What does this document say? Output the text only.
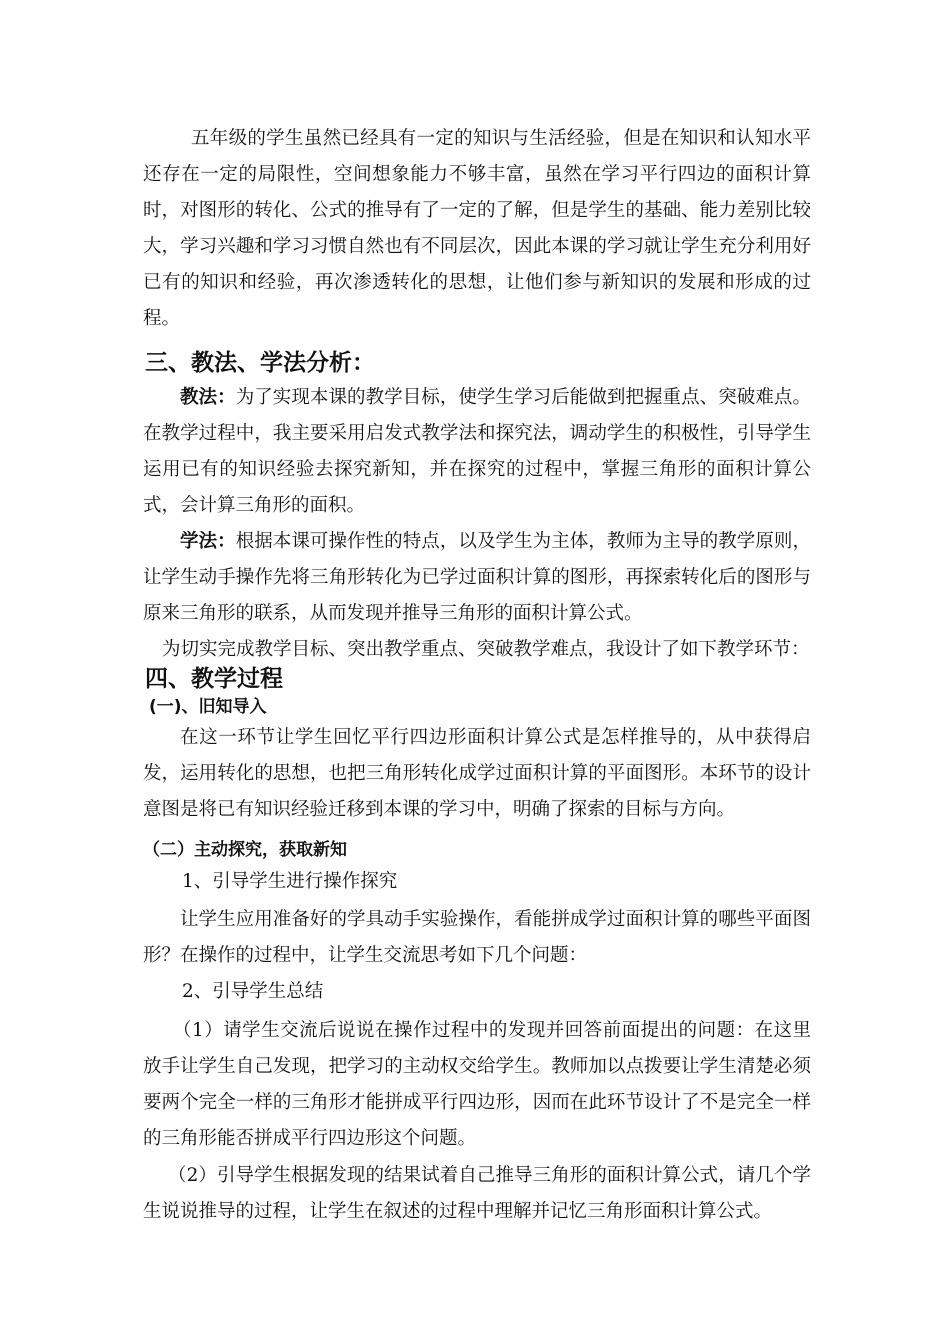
五年级的学生虽然已经具有一定的知识与生活经验，但是在知识和认知水平还存在一定的局限性，空间想象能力不够丰富，虽然在学习平行四边的面积计算时，对图形的转化、公式的推导有了一定的了解，但是学生的基础、能力差别比较大，学习兴趣和学习习惯自然也有不同层次，因此本课的学习就让学生充分利用好已有的知识和经验，再次渗透转化的思想，让他们参与新知识的发展和形成的过程。

三、教法、学法分析：

教法：为了实现本课的教学目标，使学生学习后能做到把握重点、突破难点。在教学过程中，我主要采用启发式教学法和探究法，调动学生的积极性，引导学生运用已有的知识经验去探究新知，并在探究的过程中，掌握三角形的面积计算公式，会计算三角形的面积。

学法：根据本课可操作性的特点，以及学生为主体，教师为主导的教学原则，让学生动手操作先将三角形转化为已学过面积计算的图形，再探索转化后的图形与原来三角形的联系，从而发现并推导三角形的面积计算公式。

为切实完成教学目标、突出教学重点、突破教学难点，我设计了如下教学环节：

四、教学过程
(一)、旧知导入

在这一环节让学生回忆平行四边形面积计算公式是怎样推导的，从中获得启发，运用转化的思想，也把三角形转化成学过面积计算的平面图形。本环节的设计意图是将已有知识经验迁移到本课的学习中，明确了探索的目标与方向。

（二）主动探究，获取新知

1、引导学生进行操作探究

让学生应用准备好的学具动手实验操作，看能拼成学过面积计算的哪些平面图形？在操作的过程中，让学生交流思考如下几个问题：

2、引导学生总结

（1）请学生交流后说说在操作过程中的发现并回答前面提出的问题：在这里放手让学生自己发现，把学习的主动权交给学生。教师加以点拨要让学生清楚必须要两个完全一样的三角形才能拼成平行四边形，因而在此环节设计了不是完全一样的三角形能否拼成平行四边形这个问题。

（2）引导学生根据发现的结果试着自己推导三角形的面积计算公式，请几个学生说说推导的过程，让学生在叙述的过程中理解并记忆三角形面积计算公式。
